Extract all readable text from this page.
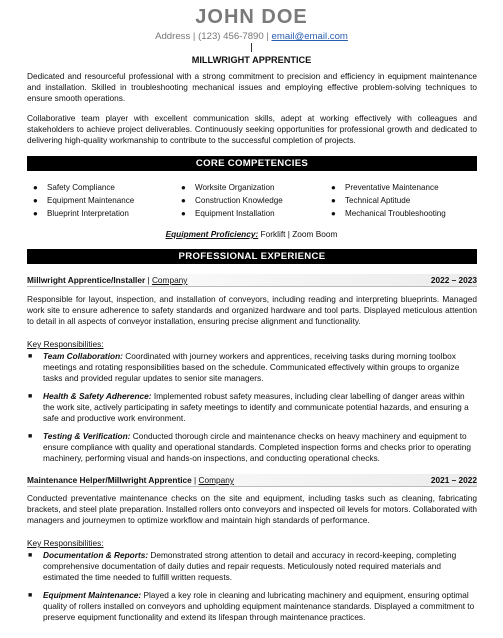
JOHN DOE
Address | (123) 456-7890 | email@email.com
MILLWRIGHT APPRENTICE
Dedicated and resourceful professional with a strong commitment to precision and efficiency in equipment maintenance and installation. Skilled in troubleshooting mechanical issues and employing effective problem-solving techniques to ensure smooth operations.
Collaborative team player with excellent communication skills, adept at working effectively with colleagues and stakeholders to achieve project deliverables. Continuously seeking opportunities for professional growth and dedicated to delivering high-quality workmanship to contribute to the successful completion of projects.
CORE COMPETENCIES
● Safety Compliance
● Equipment Maintenance
● Blueprint Interpretation
● Worksite Organization
● Construction Knowledge
● Equipment Installation
● Preventative Maintenance
● Technical Aptitude
● Mechanical Troubleshooting
Equipment Proficiency: Forklift | Zoom Boom
PROFESSIONAL EXPERIENCE
Millwright Apprentice/Installer | Company	2022 – 2023
Responsible for layout, inspection, and installation of conveyors, including reading and interpreting blueprints. Managed work site to ensure adherence to safety standards and organized hardware and tool parts. Displayed meticulous attention to detail in all aspects of conveyor installation, ensuring precise alignment and functionality.
Key Responsibilities:
■ Team Collaboration: Coordinated with journey workers and apprentices, receiving tasks during morning toolbox meetings and rotating responsibilities based on the schedule. Communicated effectively within groups to organize tasks and provided regular updates to senior site managers.
■ Health & Safety Adherence: Implemented robust safety measures, including clear labelling of danger areas within the work site, actively participating in safety meetings to identify and communicate potential hazards, and ensuring a safe and productive work environment.
■ Testing & Verification: Conducted thorough circle and maintenance checks on heavy machinery and equipment to ensure compliance with quality and operational standards. Completed inspection forms and checks prior to operating machinery, performing visual and hands-on inspections, and conducting operational checks.
Maintenance Helper/Millwright Apprentice | Company	2021 – 2022
Conducted preventative maintenance checks on the site and equipment, including tasks such as cleaning, fabricating brackets, and steel plate preparation. Installed rollers onto conveyors and inspected oil levels for motors. Collaborated with managers and journeymen to optimize workflow and maintain high standards of performance.
Key Responsibilities:
■ Documentation & Reports: Demonstrated strong attention to detail and accuracy in record-keeping, completing comprehensive documentation of daily duties and repair requests. Meticulously noted required materials and estimated the time needed to fulfill written requests.
■ Equipment Maintenance: Played a key role in cleaning and lubricating machinery and equipment, ensuring optimal quality of rollers installed on conveyors and upholding equipment maintenance standards. Displayed a commitment to preserve equipment functionality and extend its lifespan through maintenance practices.
